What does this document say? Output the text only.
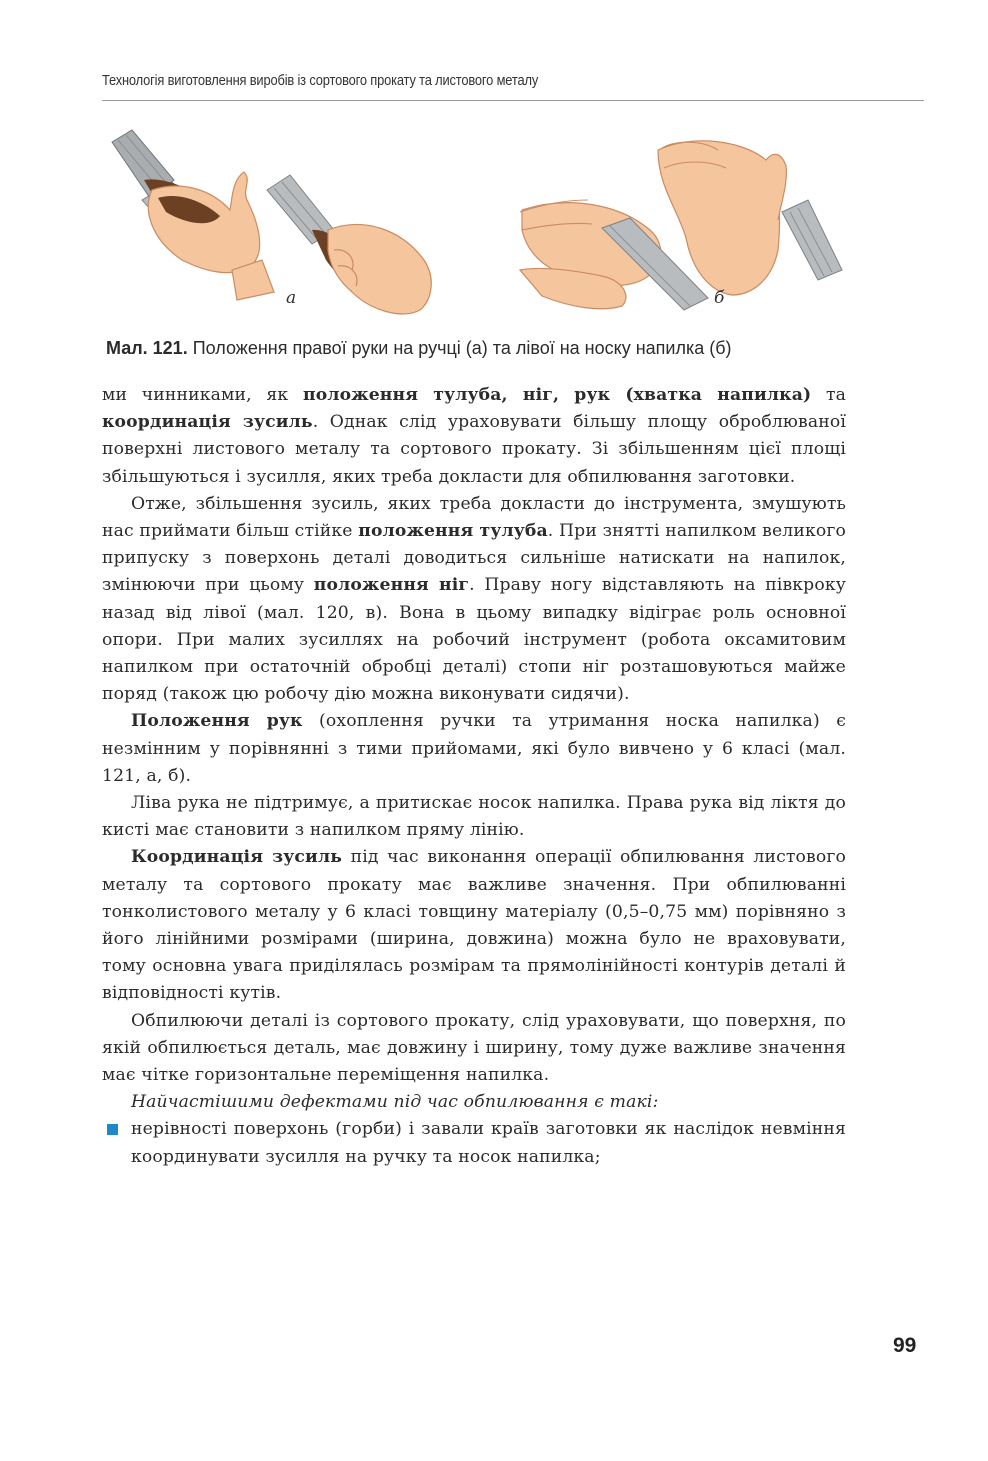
Технологія виготовлення виробів із сортового прокату та листового металу
а	б
Мал. 121. Положення правої руки на ручці (а) та лівої на носку напилка (б)

ми чинниками, як положення тулуба, ніг, рук (хватка напилка) та координація зусиль. Однак слід ураховувати більшу площу оброблюваної поверхні листового металу та сортового прокату. Зі збільшенням цієї площі збільшуються і зусилля, яких треба докласти для обпилювання заготовки.

Отже, збільшення зусиль, яких треба докласти до інструмента, змушують нас приймати більш стійке положення тулуба. При знятті напилком великого припуску з поверхонь деталі доводиться сильніше натискати на напилок, змінюючи при цьому положення ніг. Праву ногу відставляють на півкроку назад від лівої (мал. 120, в). Вона в цьому випадку відіграє роль основної опори. При малих зусиллях на робочий інструмент (робота оксамитовим напилком при остаточній обробці деталі) стопи ніг розташовуються майже поряд (також цю робочу дію можна виконувати сидячи).

Положення рук (охоплення ручки та утримання носка напилка) є незмінним у порівнянні з тими прийомами, які було вивчено у 6 класі (мал. 121, а, б).

Ліва рука не підтримує, а притискає носок напилка. Права рука від ліктя до кисті має становити з напилком пряму лінію.

Координація зусиль під час виконання операції обпилювання листового металу та сортового прокату має важливе значення. При обпилюванні тонколистового металу у 6 класі товщину матеріалу (0,5–0,75 мм) порівняно з його лінійними розмірами (ширина, довжина) можна було не враховувати, тому основна увага приділялась розмірам та прямолінійності контурів деталі й відповідності кутів.

Обпилюючи деталі із сортового прокату, слід ураховувати, що поверхня, по якій обпилюється деталь, має довжину і ширину, тому дуже важливе значення має чітке горизонтальне переміщення напилка.

Найчастішими дефектами під час обпилювання є такі:

нерівності поверхонь (горби) і завали країв заготовки як наслідок невміння координувати зусилля на ручку та носок напилка;

99
